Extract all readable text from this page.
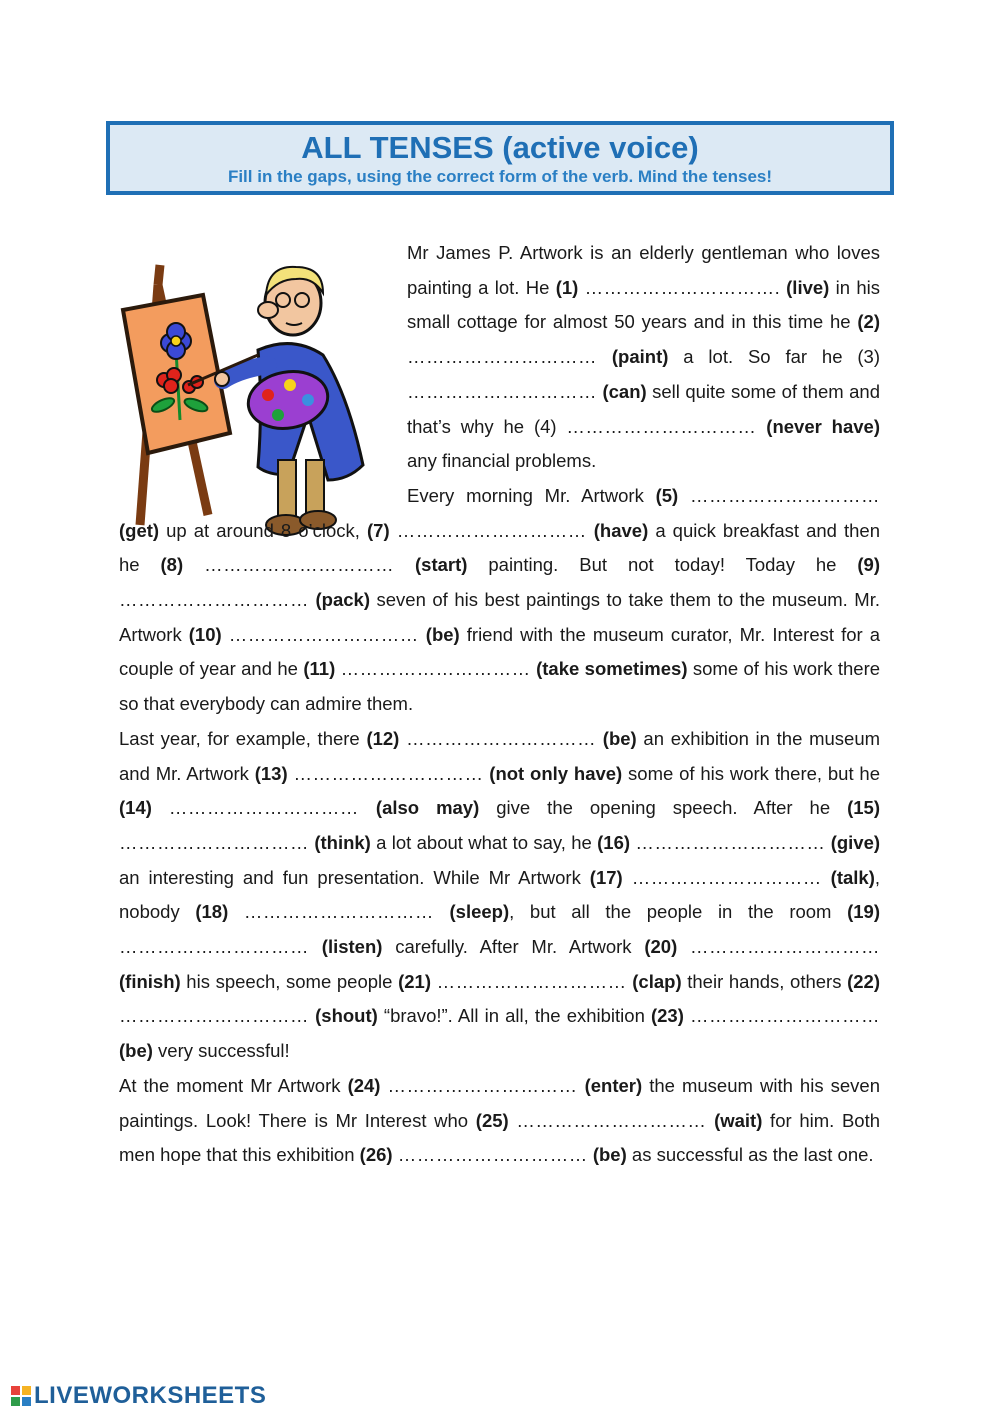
ALL TENSES (active voice)
Fill in the gaps, using the correct form of the verb. Mind the tenses!

Mr James P. Artwork is an elderly gentleman who loves painting a lot. He (1) …………………………. (live) in his small cottage for almost 50 years and in this time he (2) ………………………… (paint) a lot. So far he (3) ………………………… (can) sell quite some of them and that’s why he (4) ………………………… (never have) any financial problems.

Every morning Mr. Artwork (5) ………………………… (get) up at around 8 o’clock, (7) ………………………… (have) a quick breakfast and then he (8) ………………………… (start) painting. But not today! Today he (9) ………………………… (pack) seven of his best paintings to take them to the museum. Mr. Artwork (10) ………………………… (be) friend with the museum curator, Mr. Interest for a couple of year and he (11) ………………………… (take sometimes) some of his work there so that everybody can admire them.

Last year, for example, there (12) ………………………… (be) an exhibition in the museum and Mr. Artwork (13) ………………………… (not only have) some of his work there, but he (14) ………………………… (also may) give the opening speech. After he (15) ………………………… (think) a lot about what to say, he (16) ………………………… (give) an interesting and fun presentation. While Mr Artwork (17) ………………………… (talk), nobody (18) ………………………… (sleep), but all the people in the room (19) ………………………… (listen) carefully. After Mr. Artwork (20) ………………………… (finish) his speech, some people (21) ………………………… (clap) their hands, others (22) ………………………… (shout) “bravo!”. All in all, the exhibition (23) ………………………… (be) very successful!

At the moment Mr Artwork (24) ………………………… (enter) the museum with his seven paintings. Look! There is Mr Interest who (25) ………………………… (wait) for him. Both men hope that this exhibition (26) ………………………… (be) as successful as the last one.

LIVEWORKSHEETS
